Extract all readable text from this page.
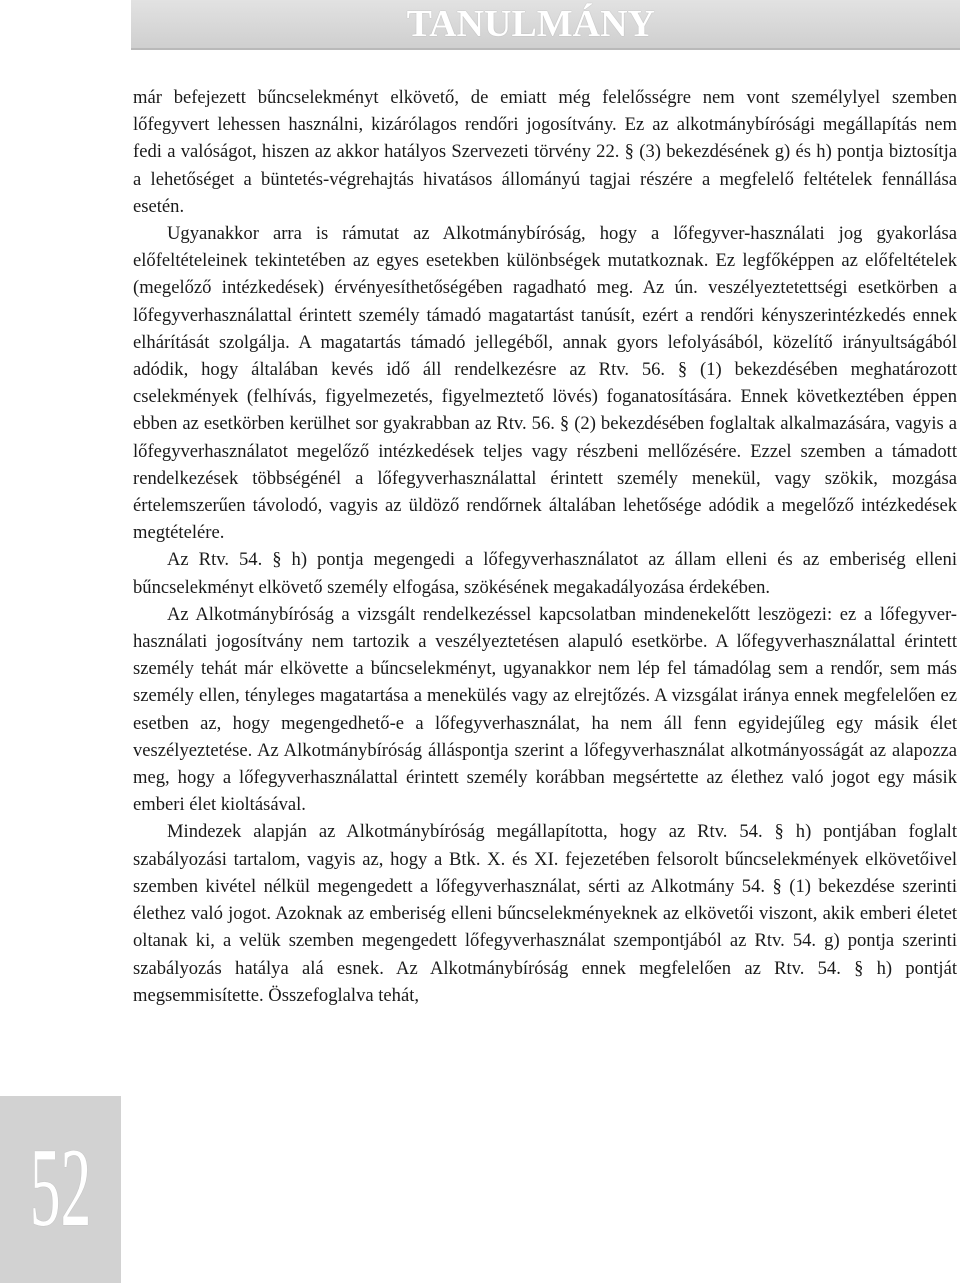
TANULMÁNY

már befejezett bűncselekményt elkövető, de emiatt még felelősségre nem vont személylyel szemben lőfegyvert lehessen használni, kizárólagos rendőri jogosítvány. Ez az alkotmánybírósági megállapítás nem fedi a valóságot, hiszen az akkor hatályos Szervezeti törvény 22. § (3) bekezdésének g) és h) pontja biztosítja a lehetőséget a büntetés-végrehajtás hivatásos állományú tagjai részére a megfelelő feltételek fennállása esetén.

Ugyanakkor arra is rámutat az Alkotmánybíróság, hogy a lőfegyver-használati jog gyakorlása előfeltételeinek tekintetében az egyes esetekben különbségek mutatkoznak. Ez legfőképpen az előfeltételek (megelőző intézkedések) érvényesíthetőségében ragadható meg. Az ún. veszélyeztetettségi esetkörben a lőfegyverhasználattal érintett személy támadó magatartást tanúsít, ezért a rendőri kényszerintézkedés ennek elhárítását szolgálja. A magatartás támadó jellegéből, annak gyors lefolyásából, közelítő irányultságából adódik, hogy általában kevés idő áll rendelkezésre az Rtv. 56. § (1) bekezdésében meghatározott cselekmények (felhívás, figyelmezetés, figyelmeztető lövés) foganatosítására. Ennek következtében éppen ebben az esetkörben kerülhet sor gyakrabban az Rtv. 56. § (2) bekezdésében foglaltak alkalmazására, vagyis a lőfegyverhasználatot megelőző intézkedések teljes vagy részbeni mellőzésére. Ezzel szemben a támadott rendelkezések többségénél a lőfegyverhasználattal érintett személy menekül, vagy szökik, mozgása értelemszerűen távolodó, vagyis az üldöző rendőrnek általában lehetősége adódik a megelőző intézkedések megtételére.

Az Rtv. 54. § h) pontja megengedi a lőfegyverhasználatot az állam elleni és az emberiség elleni bűncselekményt elkövető személy elfogása, szökésének megakadályozása érdekében.

Az Alkotmánybíróság a vizsgált rendelkezéssel kapcsolatban mindenekelőtt leszögezi: ez a lőfegyver-használati jogosítvány nem tartozik a veszélyeztetésen alapuló esetkörbe. A lőfegyverhasználattal érintett személy tehát már elkövette a bűncselekményt, ugyanakkor nem lép fel támadólag sem a rendőr, sem más személy ellen, tényleges magatartása a menekülés vagy az elrejtőzés. A vizsgálat iránya ennek megfelelően ez esetben az, hogy megengedhető-e a lőfegyverhasználat, ha nem áll fenn egyidejűleg egy másik élet veszélyeztetése. Az Alkotmánybíróság álláspontja szerint a lőfegyverhasználat alkotmányosságát az alapozza meg, hogy a lőfegyverhasználattal érintett személy korábban megsértette az élethez való jogot egy másik emberi élet kioltásával.

Mindezek alapján az Alkotmánybíróság megállapította, hogy az Rtv. 54. § h) pontjában foglalt szabályozási tartalom, vagyis az, hogy a Btk. X. és XI. fejezetében felsorolt bűncselekmények elkövetőivel szemben kivétel nélkül megengedett a lőfegyverhasználat, sérti az Alkotmány 54. § (1) bekezdése szerinti élethez való jogot. Azoknak az emberiség elleni bűncselekményeknek az elkövetői viszont, akik emberi életet oltanak ki, a velük szemben megengedett lőfegyverhasználat szempontjából az Rtv. 54. g) pontja szerinti szabályozás hatálya alá esnek. Az Alkotmánybíróság ennek megfelelően az Rtv. 54. § h) pontját megsemmisítette. Összefoglalva tehát,

52
